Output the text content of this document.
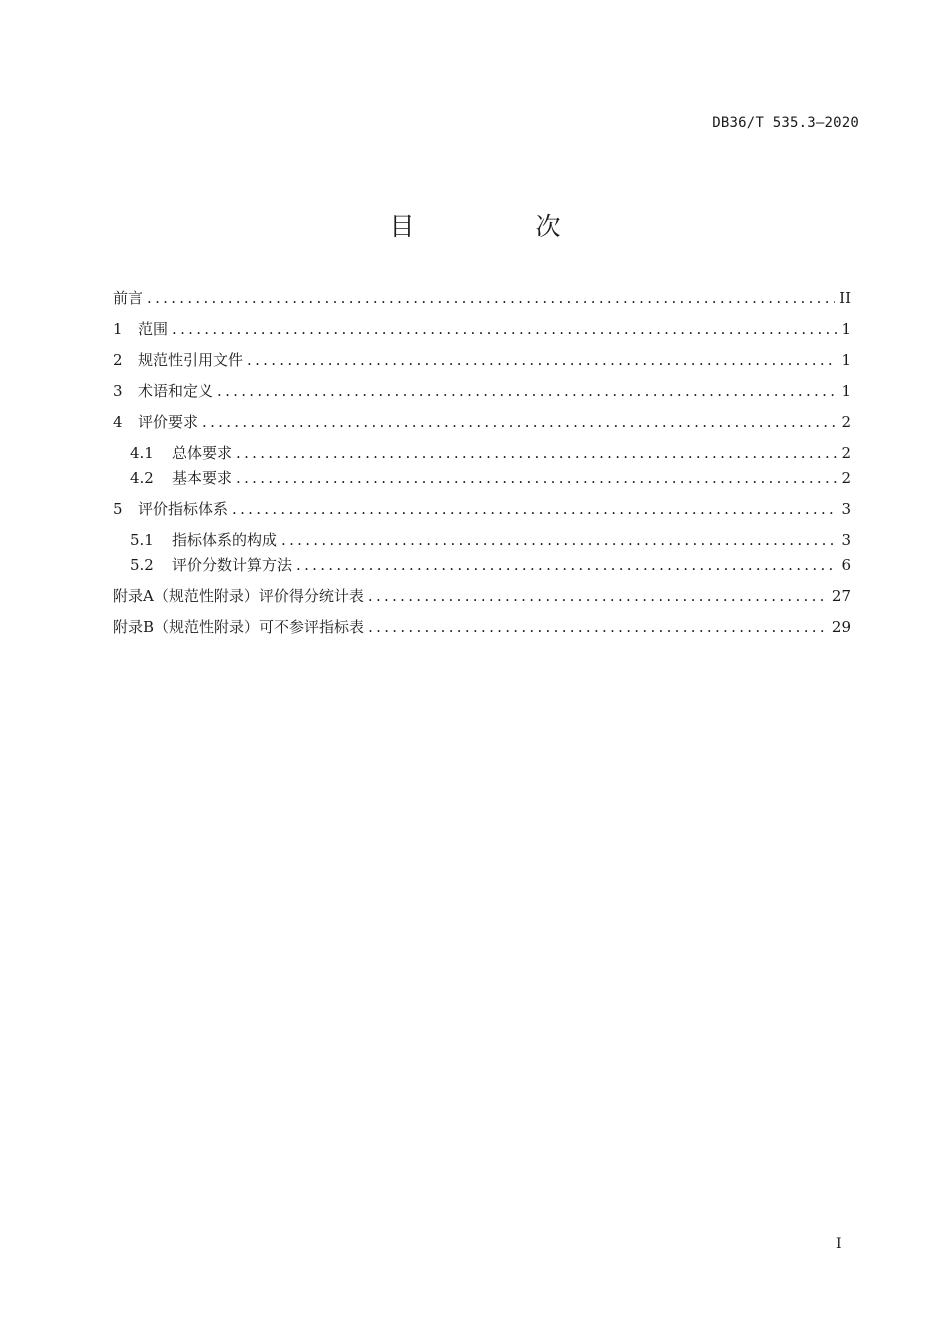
DB36/T 535.3—2020
目　次
前言 .....	II
1	范围 .....	1
2	规范性引用文件 .....	1
3	术语和定义 .....	1
4	评价要求 .....	2
4.1	总体要求 .....	2
4.2	基本要求 .....	2
5	评价指标体系 .....	3
5.1	指标体系的构成 .....	3
5.2	评价分数计算方法 .....	6
附录A （规范性附录） 评价得分统计表 .....	27
附录B （规范性附录） 可不参评指标表 .....	29
I
